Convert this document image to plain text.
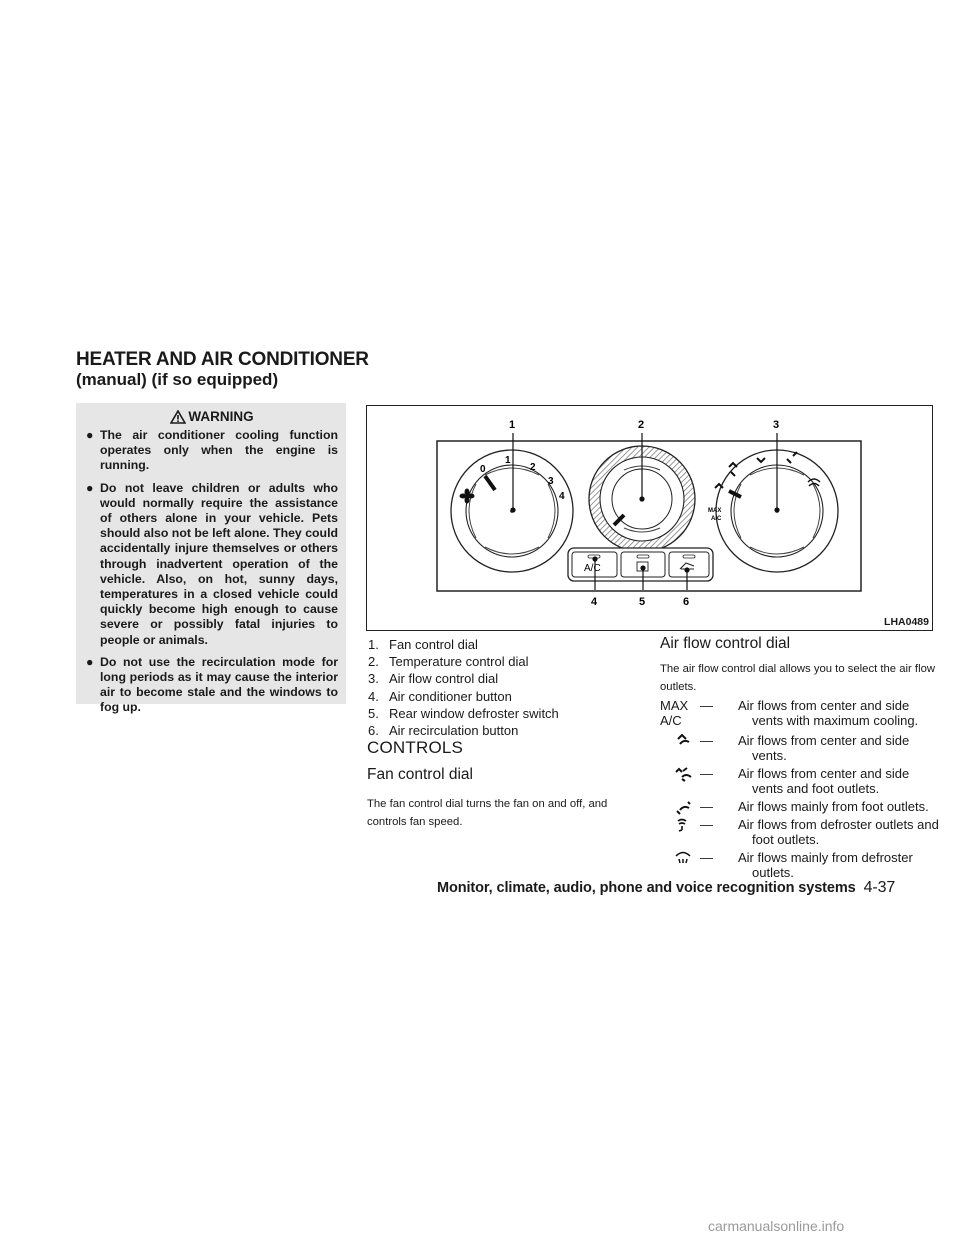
HEATER AND AIR CONDITIONER
(manual) (if so equipped)
WARNING
● The air conditioner cooling function operates only when the engine is running.
● Do not leave children or adults who would normally require the assistance of others alone in your vehicle. Pets should also not be left alone. They could accidentally injure themselves or others through inadvertent operation of the vehicle. Also, on hot, sunny days, temperatures in a closed vehicle could quickly become high enough to cause severe or possibly fatal injuries to people or animals.
● Do not use the recirculation mode for long periods as it may cause the interior air to become stale and the windows to fog up.
0
1
2
3
4
MAX
A/C
A/C
1	2	3
4	5	6
LHA0489
1. Fan control dial
2. Temperature control dial
3. Air flow control dial
4. Air conditioner button
5. Rear window defroster switch
6. Air recirculation button
CONTROLS
Fan control dial

The fan control dial turns the fan on and off, and controls fan speed.

Air flow control dial

The air flow control dial allows you to select the air flow outlets.

MAX
A/C
— Air flows from center and side vents with maximum cooling.
— Air flows from center and side vents.
— Air flows from center and side vents and foot outlets.
— Air flows mainly from foot outlets.
— Air flows from defroster outlets and foot outlets.
— Air flows mainly from defroster outlets.
Monitor, climate, audio, phone and voice recognition systems 4-37
carmanualsonline.info
